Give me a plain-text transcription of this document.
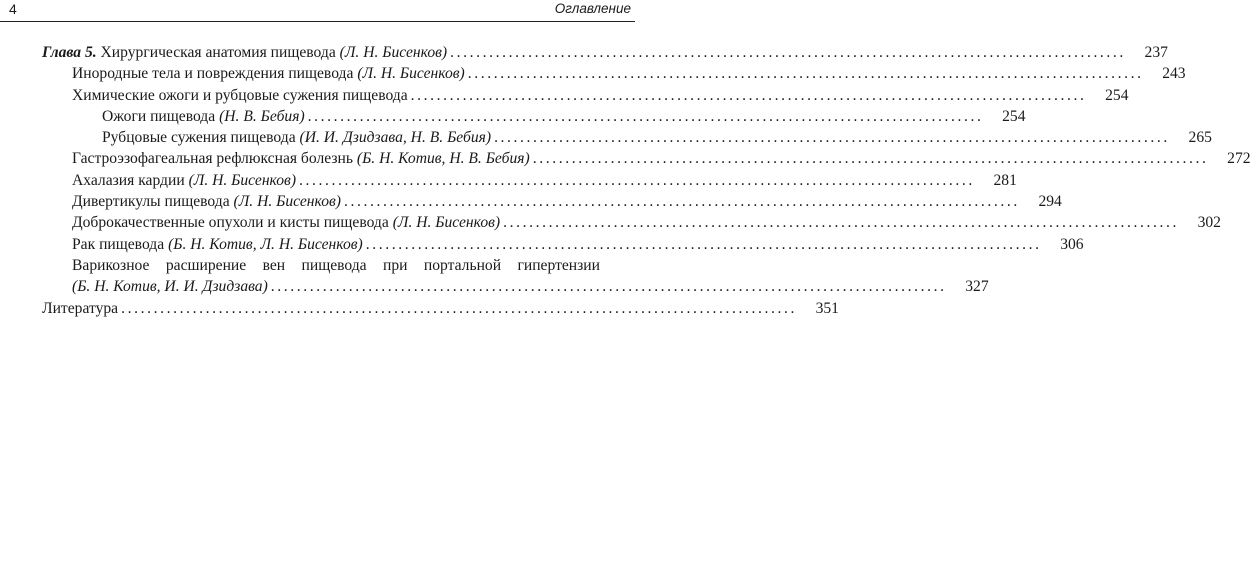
4	Оглавление
Глава 5. Хирургическая анатомия пищевода (Л. Н. Бисенков) ........................................................................................................	237
Инородные тела и повреждения пищевода (Л. Н. Бисенков) ........................................................................................................	243
Химические ожоги и рубцовые сужения пищевода ........................................................................................................	254
Ожоги пищевода (Н. В. Бебия) ........................................................................................................	254
Рубцовые сужения пищевода (И. И. Дзидзава, Н. В. Бебия) ........................................................................................................	265
Гастроэзофагеальная рефлюксная болезнь (Б. Н. Котив, Н. В. Бебия) ........................................................................................................	272
Ахалазия кардии (Л. Н. Бисенков) ........................................................................................................	281
Дивертикулы пищевода (Л. Н. Бисенков) ........................................................................................................	294
Доброкачественные опухоли и кисты пищевода (Л. Н. Бисенков) ........................................................................................................	302
Рак пищевода (Б. Н. Котив, Л. Н. Бисенков) ........................................................................................................	306
Варикозное расширение вен пищевода при портальной гипертензии
(Б. Н. Котив, И. И. Дзидзава) ........................................................................................................	327
Литература ........................................................................................................	351
